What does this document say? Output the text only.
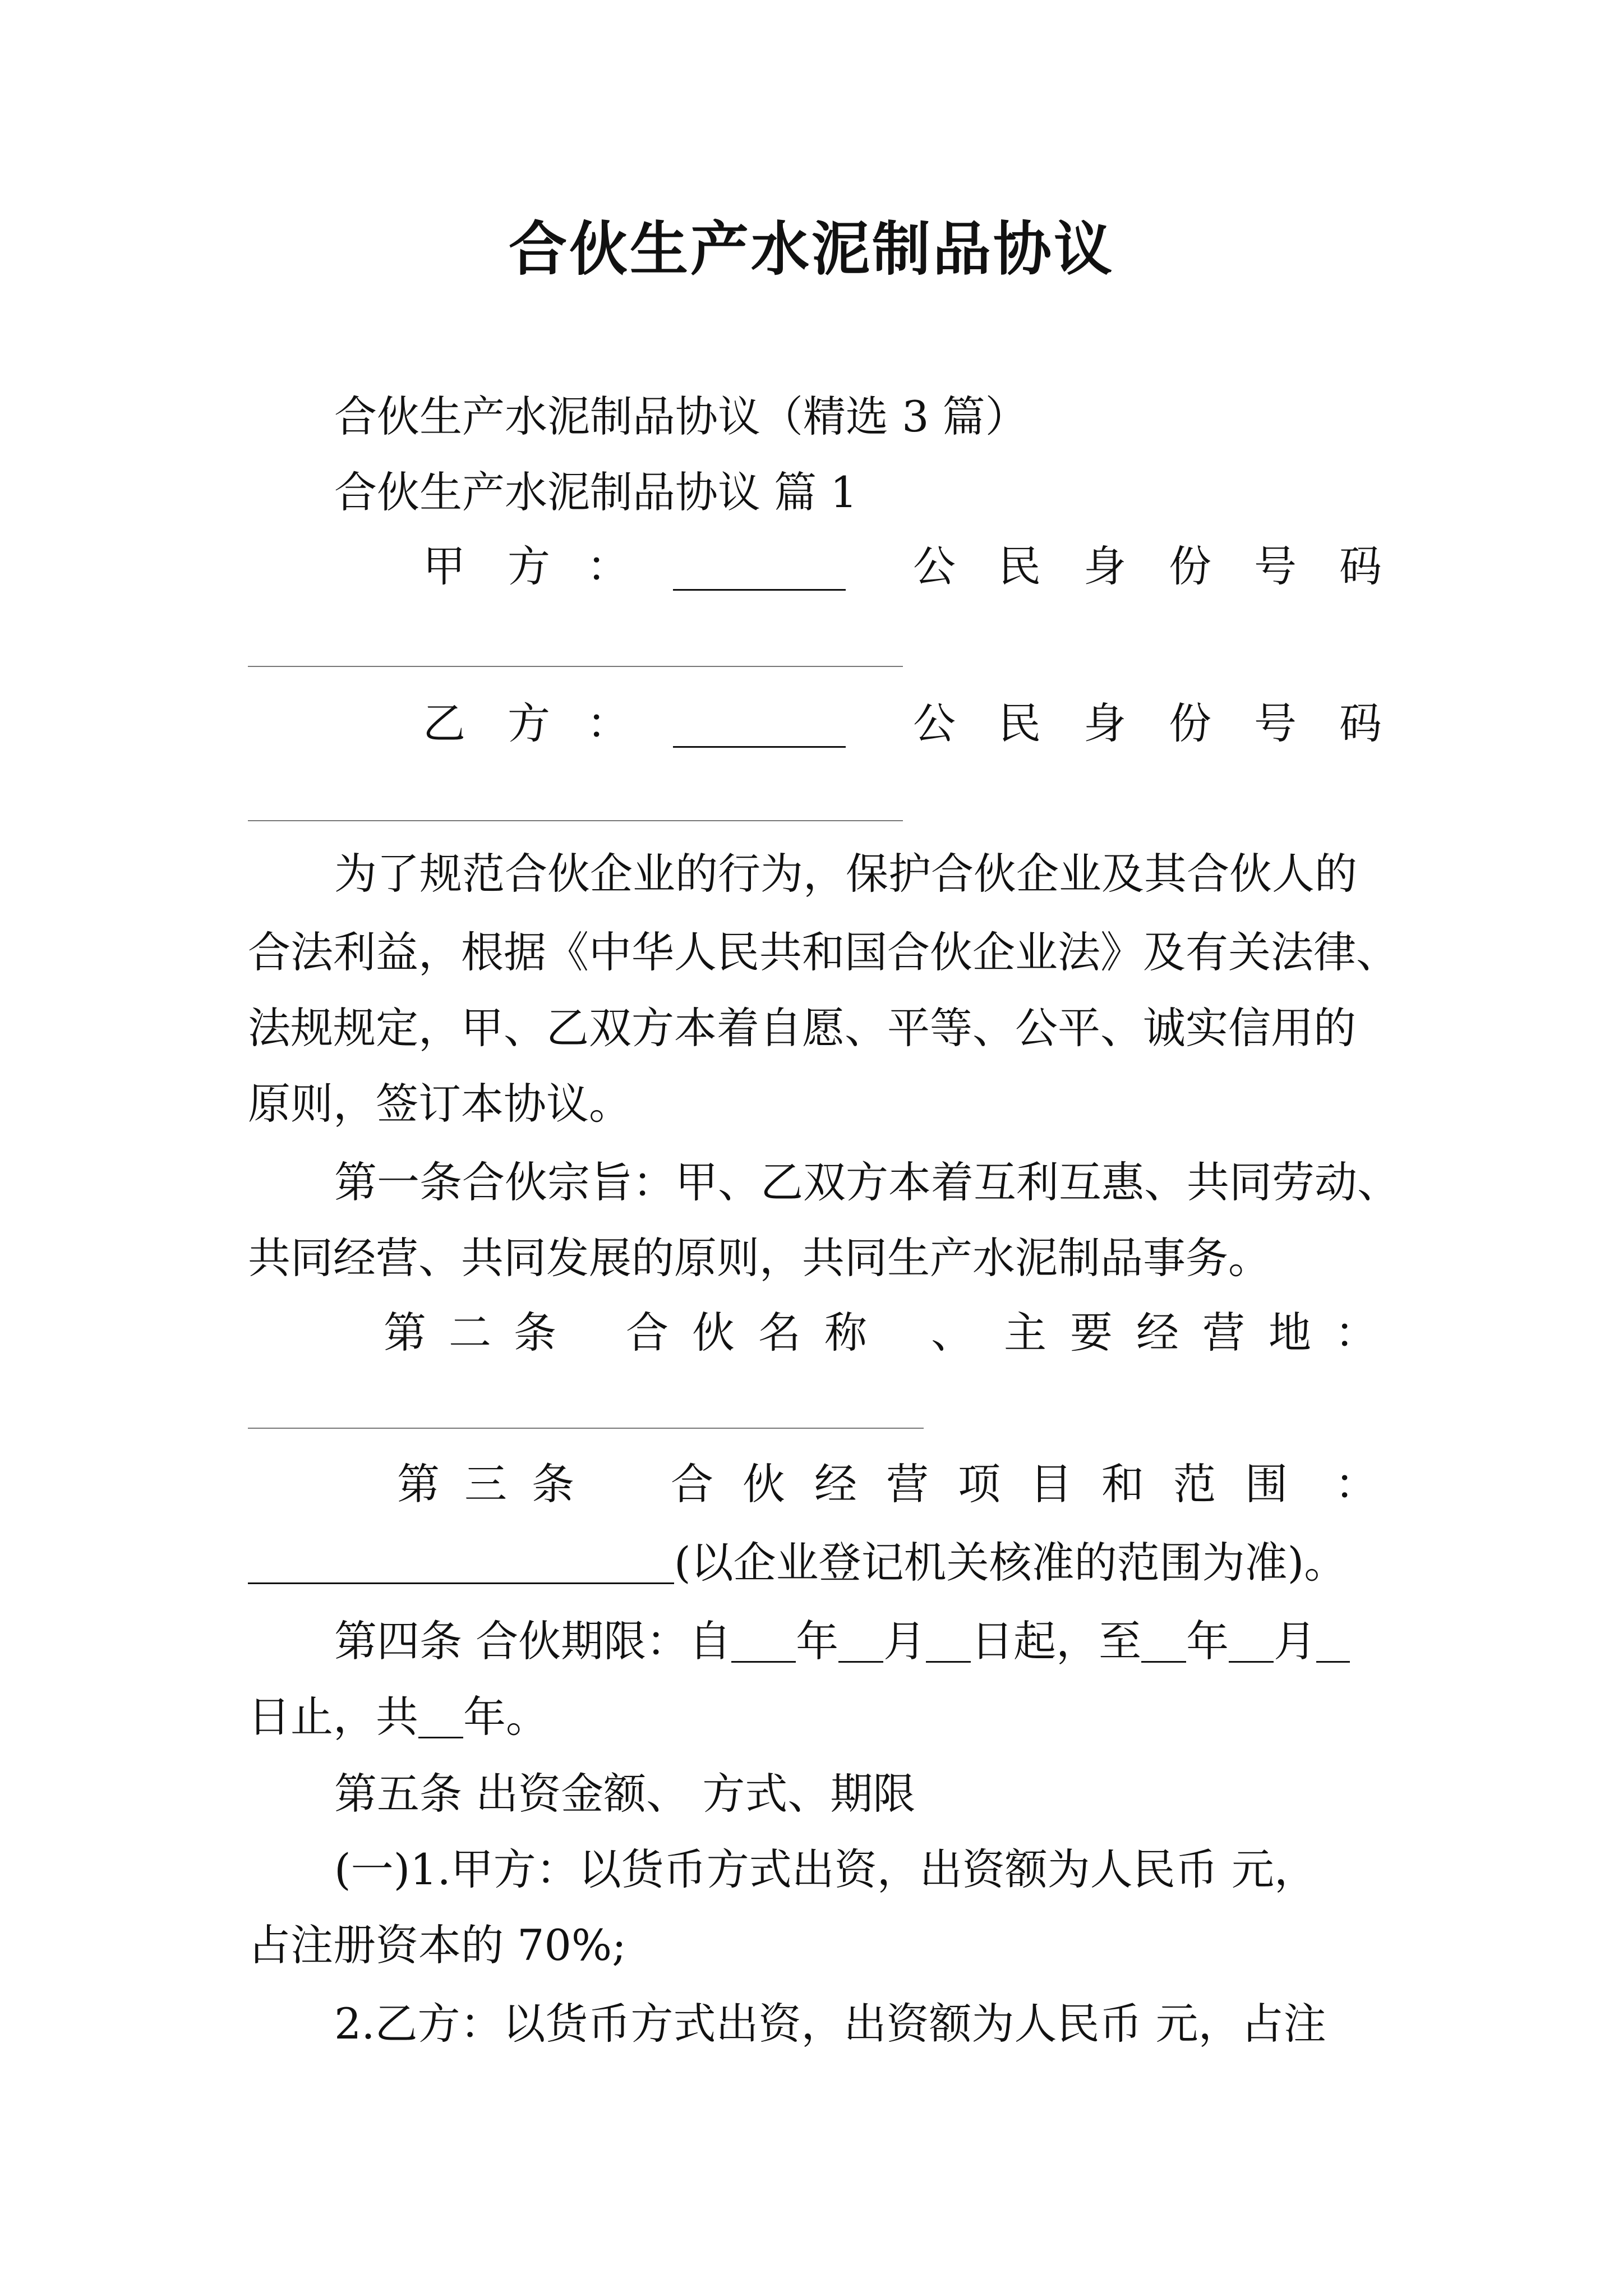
合伙生产水泥制品协议
合伙生产水泥制品协议（精选 3 篇）
合伙生产水泥制品协议 篇 1
甲 方 ：	公 民 身 份 号 码
乙 方 ：	公 民 身 份 号 码
为了规范合伙企业的行为，保护合伙企业及其合伙人的
合法利益，根据《中华人民共和国合伙企业法》及有关法律、
法规规定，甲、乙双方本着自愿、平等、公平、诚实信用的
原则，签订本协议。
第一条合伙宗旨：甲、乙双方本着互利互惠、共同劳动、
共同经营、共同发展的原则，共同生产水泥制品事务。
第 二 条 合 伙 名 称 、 主 要 经 营 地 ：
第 三 条 合 伙 经 营 项 目 和 范 围 ：
(以企业登记机关核准的范围为准)。
第四条 合伙期限：自 年 月 日起，至 年 月
日止，共 年。
第五条 出资金额、 方式、期限
(一)1.甲方：以货币方式出资，出资额为人民币 元，
占注册资本的 70%;
2.乙方：以货币方式出资，出资额为人民币 元，占注
